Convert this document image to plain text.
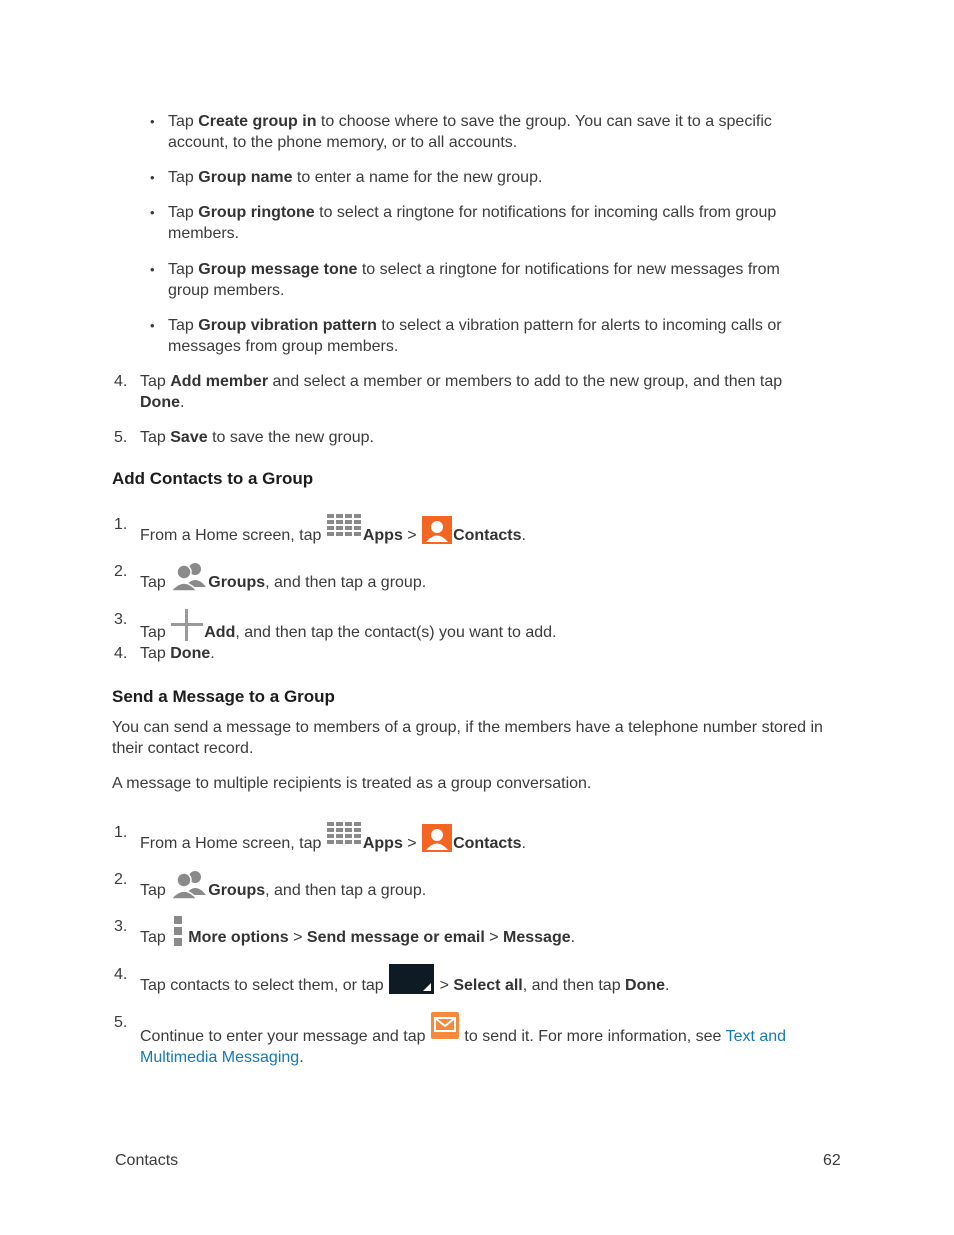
• Tap Create group in to choose where to save the group. You can save it to a specific account, to the phone memory, or to all accounts.
• Tap Group name to enter a name for the new group.
• Tap Group ringtone to select a ringtone for notifications for incoming calls from group members.
• Tap Group message tone to select a ringtone for notifications for new messages from group members.
• Tap Group vibration pattern to select a vibration pattern for alerts to incoming calls or messages from group members.
4. Tap Add member and select a member or members to add to the new group, and then tap Done.
5. Tap Save to save the new group.
Add Contacts to a Group
1.
From a Home screen, tap Apps > Contacts.
2.
Tap Groups, and then tap a group.
3.
Tap Add, and then tap the contact(s) you want to add.
4. Tap Done.
Send a Message to a Group
You can send a message to members of a group, if the members have a telephone number stored in their contact record.
A message to multiple recipients is treated as a group conversation.
1.
From a Home screen, tap Apps > Contacts.
2.
Tap Groups, and then tap a group.
3.
Tap More options > Send message or email > Message.
4.
Tap contacts to select them, or tap	> Select all, and then tap Done.
5.
Continue to enter your message and tap  to send it. For more information, see Text and Multimedia Messaging.
Contacts	62
